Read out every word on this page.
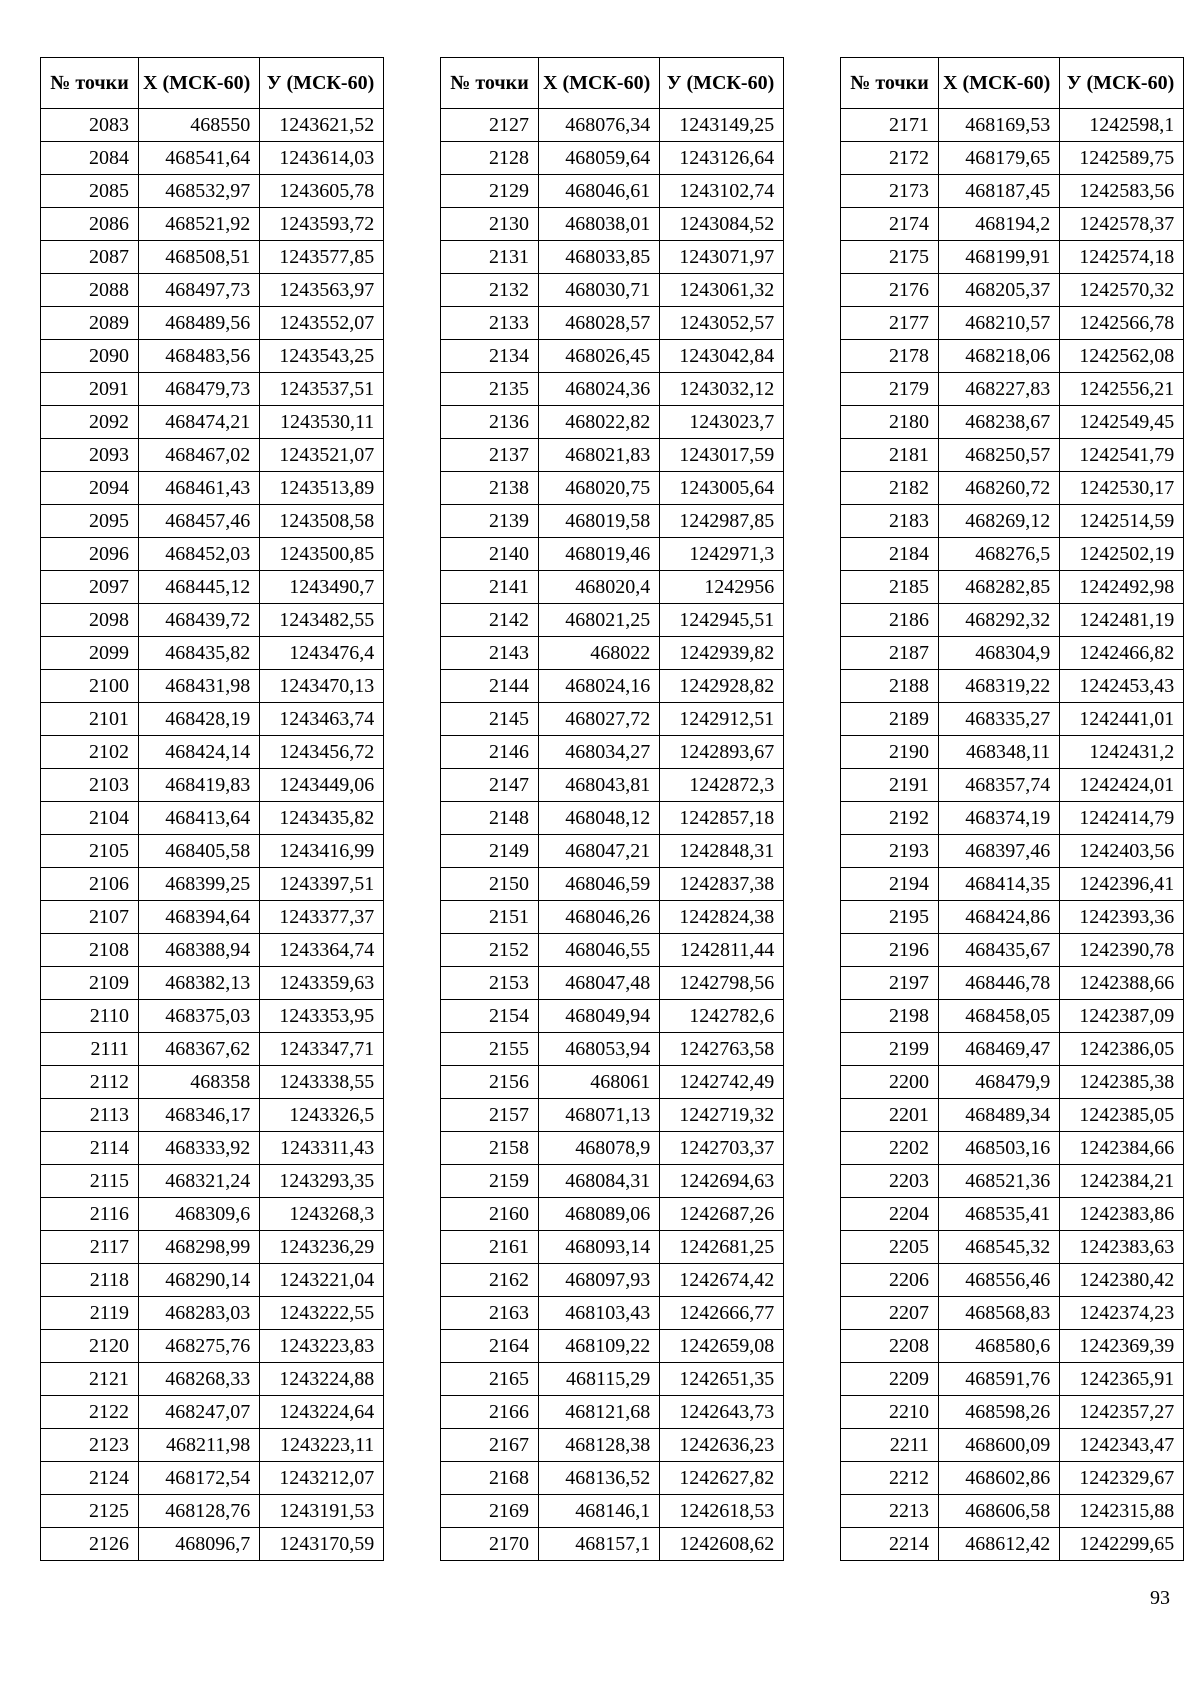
№ точки	Х (МСК-60)	У (МСК-60)
2083	468550	1243621,52
2084	468541,64	1243614,03
2085	468532,97	1243605,78
2086	468521,92	1243593,72
2087	468508,51	1243577,85
2088	468497,73	1243563,97
2089	468489,56	1243552,07
2090	468483,56	1243543,25
2091	468479,73	1243537,51
2092	468474,21	1243530,11
2093	468467,02	1243521,07
2094	468461,43	1243513,89
2095	468457,46	1243508,58
2096	468452,03	1243500,85
2097	468445,12	1243490,7
2098	468439,72	1243482,55
2099	468435,82	1243476,4
2100	468431,98	1243470,13
2101	468428,19	1243463,74
2102	468424,14	1243456,72
2103	468419,83	1243449,06
2104	468413,64	1243435,82
2105	468405,58	1243416,99
2106	468399,25	1243397,51
2107	468394,64	1243377,37
2108	468388,94	1243364,74
2109	468382,13	1243359,63
2110	468375,03	1243353,95
2111	468367,62	1243347,71
2112	468358	1243338,55
2113	468346,17	1243326,5
2114	468333,92	1243311,43
2115	468321,24	1243293,35
2116	468309,6	1243268,3
2117	468298,99	1243236,29
2118	468290,14	1243221,04
2119	468283,03	1243222,55
2120	468275,76	1243223,83
2121	468268,33	1243224,88
2122	468247,07	1243224,64
2123	468211,98	1243223,11
2124	468172,54	1243212,07
2125	468128,76	1243191,53
2126	468096,7	1243170,59
№ точки	Х (МСК-60)	У (МСК-60)
2127	468076,34	1243149,25
2128	468059,64	1243126,64
2129	468046,61	1243102,74
2130	468038,01	1243084,52
2131	468033,85	1243071,97
2132	468030,71	1243061,32
2133	468028,57	1243052,57
2134	468026,45	1243042,84
2135	468024,36	1243032,12
2136	468022,82	1243023,7
2137	468021,83	1243017,59
2138	468020,75	1243005,64
2139	468019,58	1242987,85
2140	468019,46	1242971,3
2141	468020,4	1242956
2142	468021,25	1242945,51
2143	468022	1242939,82
2144	468024,16	1242928,82
2145	468027,72	1242912,51
2146	468034,27	1242893,67
2147	468043,81	1242872,3
2148	468048,12	1242857,18
2149	468047,21	1242848,31
2150	468046,59	1242837,38
2151	468046,26	1242824,38
2152	468046,55	1242811,44
2153	468047,48	1242798,56
2154	468049,94	1242782,6
2155	468053,94	1242763,58
2156	468061	1242742,49
2157	468071,13	1242719,32
2158	468078,9	1242703,37
2159	468084,31	1242694,63
2160	468089,06	1242687,26
2161	468093,14	1242681,25
2162	468097,93	1242674,42
2163	468103,43	1242666,77
2164	468109,22	1242659,08
2165	468115,29	1242651,35
2166	468121,68	1242643,73
2167	468128,38	1242636,23
2168	468136,52	1242627,82
2169	468146,1	1242618,53
2170	468157,1	1242608,62
№ точки	Х (МСК-60)	У (МСК-60)
2171	468169,53	1242598,1
2172	468179,65	1242589,75
2173	468187,45	1242583,56
2174	468194,2	1242578,37
2175	468199,91	1242574,18
2176	468205,37	1242570,32
2177	468210,57	1242566,78
2178	468218,06	1242562,08
2179	468227,83	1242556,21
2180	468238,67	1242549,45
2181	468250,57	1242541,79
2182	468260,72	1242530,17
2183	468269,12	1242514,59
2184	468276,5	1242502,19
2185	468282,85	1242492,98
2186	468292,32	1242481,19
2187	468304,9	1242466,82
2188	468319,22	1242453,43
2189	468335,27	1242441,01
2190	468348,11	1242431,2
2191	468357,74	1242424,01
2192	468374,19	1242414,79
2193	468397,46	1242403,56
2194	468414,35	1242396,41
2195	468424,86	1242393,36
2196	468435,67	1242390,78
2197	468446,78	1242388,66
2198	468458,05	1242387,09
2199	468469,47	1242386,05
2200	468479,9	1242385,38
2201	468489,34	1242385,05
2202	468503,16	1242384,66
2203	468521,36	1242384,21
2204	468535,41	1242383,86
2205	468545,32	1242383,63
2206	468556,46	1242380,42
2207	468568,83	1242374,23
2208	468580,6	1242369,39
2209	468591,76	1242365,91
2210	468598,26	1242357,27
2211	468600,09	1242343,47
2212	468602,86	1242329,67
2213	468606,58	1242315,88
2214	468612,42	1242299,65
93
